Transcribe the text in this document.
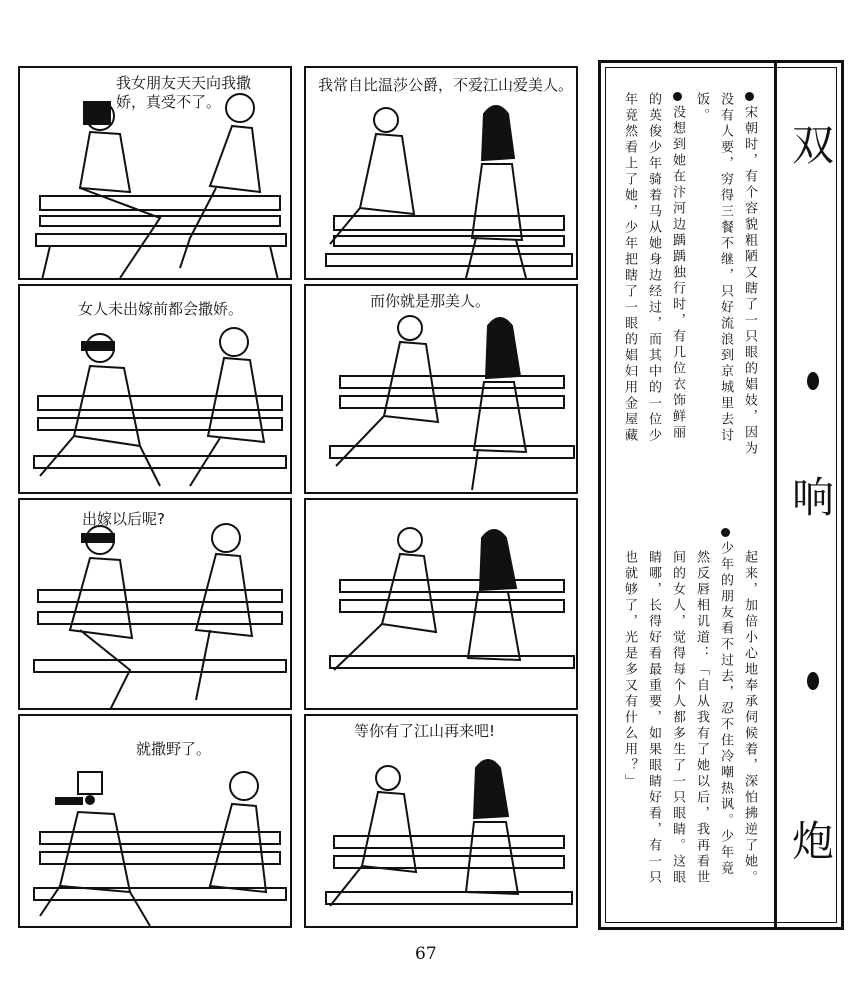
我女朋友天天向我撒
娇，真受不了。
女人未出嫁前都会撒娇。
出嫁以后呢?
就撒野了。
我常自比温莎公爵，不爱江山爱美人。
而你就是那美人。
等你有了江山再来吧!
双
响
炮
宋朝时，有个容貌粗陋又瞎了一只眼的娼妓，因为
没有人要，穷得三餐不继，只好流浪到京城里去讨
饭。
没想到她在汴河边踽踽独行时，有几位衣饰鲜丽
的英俊少年骑着马从她身边经过，而其中的一位少
年竟然看上了她，少年把瞎了一眼的娼妇用金屋藏
起来，加倍小心地奉承伺候着，深怕拂逆了她。
少年的朋友看不过去，忍不住冷嘲热讽。少年竟
然反唇相讥道：「自从我有了她以后，我再看世
间的女人，觉得每个人都多生了一只眼睛。这眼
睛哪，长得好看最重要，如果眼睛好看，有一只
也就够了，光是多又有什么用？」
67
